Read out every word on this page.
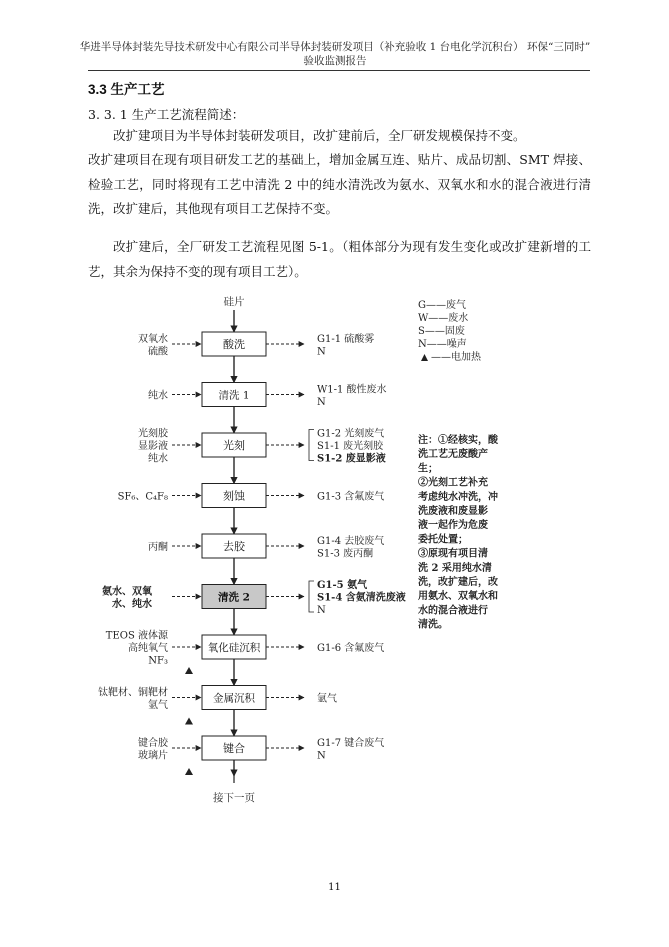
华进半导体封装先导技术研发中心有限公司半导体封装研发项目（补充验收 1 台电化学沉积台） 环保“三同时”
验收监测报告
3.3 生产工艺
3. 3. 1 生产工艺流程简述：

改扩建项目为半导体封装研发项目，改扩建前后，全厂研发规模保持不变。

改扩建项目在现有项目研发工艺的基础上，增加金属互连、贴片、成品切割、SMT 焊接、检验工艺，同时将现有工艺中清洗 2 中的纯水清洗改为氨水、双氧水和水的混合液进行清洗，改扩建后，其他现有项目工艺保持不变。

改扩建后，全厂研发工艺流程见图 5-1。（粗体部分为现有发生变化或改扩建新增的工艺，其余为保持不变的现有项目工艺）。

硅片
酸洗
双氧水
硫酸
G1-1 硫酸雾
N
清洗 1
纯水
W1-1 酸性废水
N
光刻
光刻胶
显影液
纯水
G1-2 光刻废气
S1-1 废光刻胶
S1-2 废显影液
刻蚀
SF₆、C₄F₈	G1-3 含氟废气
去胶
丙酮
G1-4 去胶废气
S1-3 废丙酮
清洗 2
氨水、双氧
水、纯水
G1-5 氨气
S1-4 含氨清洗废液
N
氧化硅沉积
TEOS 液体源
高纯氧气
NF₃
G1-6 含氟废气
金属沉积
钛靶材、铜靶材
氩气
氩气
键合
键合胶
玻璃片
G1-7 键合废气
N
接下一页
G——废气
W——废水
S——固废
N——噪声
——电加热
注：①经核实，酸
洗工艺无废酸产
生；
②光刻工艺补充
考虑纯水冲洗，冲
洗废液和废显影
液一起作为危废
委托处置；
③原现有项目清
洗 2 采用纯水清
洗，改扩建后，改
用氨水、双氧水和
水的混合液进行
清洗。
11
